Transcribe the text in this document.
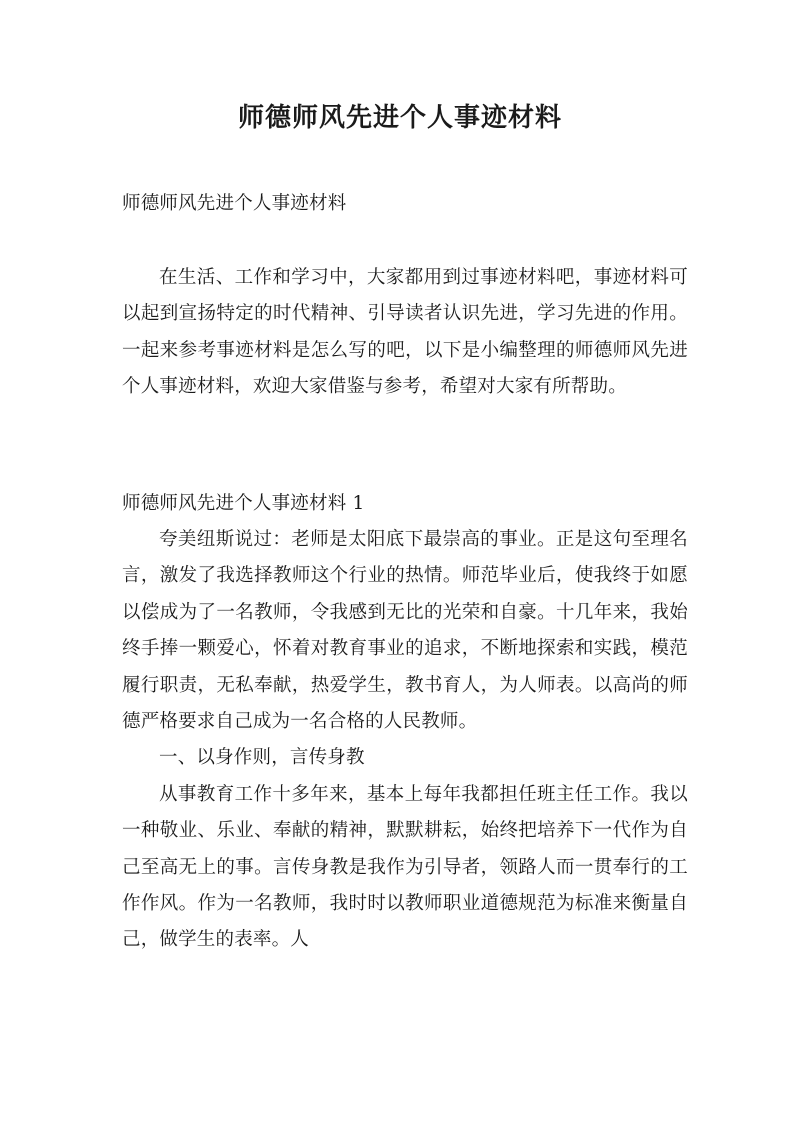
师德师风先进个人事迹材料
师德师风先进个人事迹材料
在生活、工作和学习中，大家都用到过事迹材料吧，事迹材料可以起到宣扬特定的时代精神、引导读者认识先进，学习先进的作用。一起来参考事迹材料是怎么写的吧，以下是小编整理的师德师风先进个人事迹材料，欢迎大家借鉴与参考，希望对大家有所帮助。
师德师风先进个人事迹材料 1

夸美纽斯说过：老师是太阳底下最崇高的事业。正是这句至理名言，激发了我选择教师这个行业的热情。师范毕业后，使我终于如愿以偿成为了一名教师，令我感到无比的光荣和自豪。十几年来，我始终手捧一颗爱心，怀着对教育事业的追求，不断地探索和实践，模范履行职责，无私奉献，热爱学生，教书育人，为人师表。以高尚的师德严格要求自己成为一名合格的人民教师。

一、以身作则，言传身教

从事教育工作十多年来，基本上每年我都担任班主任工作。我以一种敬业、乐业、奉献的精神，默默耕耘，始终把培养下一代作为自己至高无上的事。言传身教是我作为引导者，领路人而一贯奉行的工作作风。作为一名教师，我时时以教师职业道德规范为标准来衡量自己，做学生的表率。人
